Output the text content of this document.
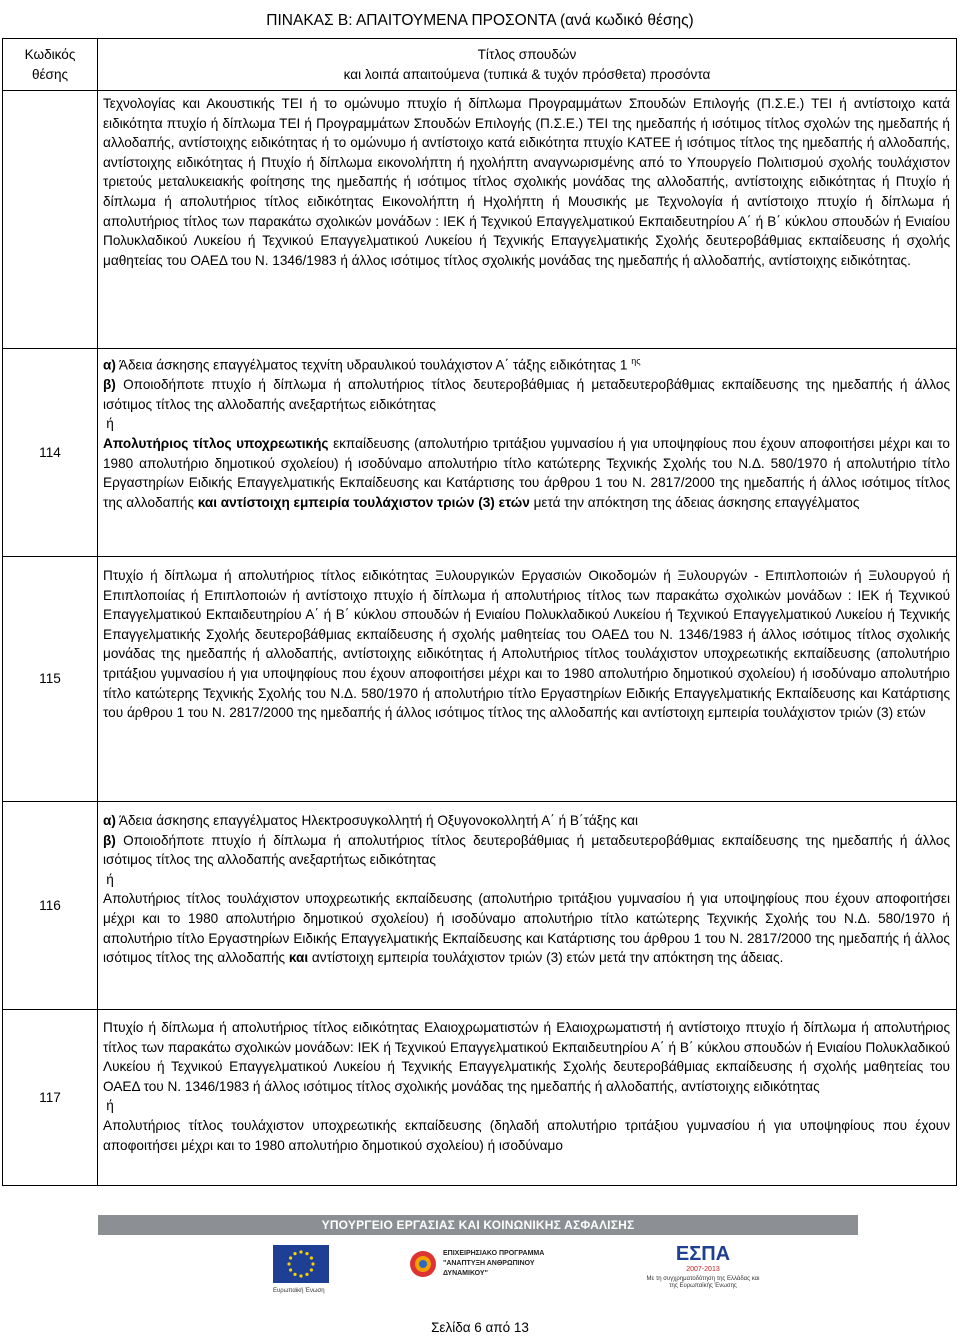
ΠΙΝΑΚΑΣ Β: ΑΠΑΙΤΟΥΜΕΝΑ ΠΡΟΣΟΝΤΑ (ανά κωδικό θέσης)
Κωδικός θέσης	Τίτλος σπουδών
και λοιπά απαιτούμενα (τυπικά & τυχόν πρόσθετα) προσόντα

	Τεχνολογίας και Ακουστικής ΤΕΙ ή το ομώνυμο πτυχίο ή δίπλωμα Προγραμμάτων Σπουδών Επιλογής (Π.Σ.Ε.) ΤΕΙ ή αντίστοιχο κατά ειδικότητα πτυχίο ή δίπλωμα ΤΕΙ ή Προγραμμάτων Σπουδών Επιλογής (Π.Σ.Ε.) ΤΕΙ της ημεδαπής ή ισότιμος τίτλος σχολών της ημεδαπής ή αλλοδαπής, αντίστοιχης ειδικότητας ή το ομώνυμο ή αντίστοιχο κατά ειδικότητα πτυχίο ΚΑΤΕΕ ή ισότιμος τίτλος της ημεδαπής ή αλλοδαπής, αντίστοιχης ειδικότητας ή Πτυχίο ή δίπλωμα εικονολήπτη ή ηχολήπτη αναγνωρισμένης από το Υπουργείο Πολιτισμού σχολής τουλάχιστον τριετούς μεταλυκειακής φοίτησης της ημεδαπής ή ισότιμος τίτλος σχολικής μονάδας της αλλοδαπής, αντίστοιχης ειδικότητας ή Πτυχίο ή δίπλωμα ή απολυτήριος τίτλος ειδικότητας Εικονολήπτη ή Ηχολήπτη ή Μουσικής με Τεχνολογία ή αντίστοιχο πτυχίο ή δίπλωμα ή απολυτήριος τίτλος των παρακάτω σχολικών μονάδων : ΙΕΚ ή Τεχνικού Επαγγελματικού Εκπαιδευτηρίου Α΄ ή Β΄ κύκλου σπουδών ή Ενιαίου Πολυκλαδικού Λυκείου ή Τεχνικού Επαγγελματικού Λυκείου ή Τεχνικής Επαγγελματικής Σχολής δευτεροβάθμιας εκπαίδευσης ή σχολής μαθητείας του ΟΑΕΔ του Ν. 1346/1983 ή άλλος ισότιμος τίτλος σχολικής μονάδας της ημεδαπής ή αλλοδαπής, αντίστοιχης ειδικότητας.

114	α) Άδεια άσκησης επαγγέλματος τεχνίτη υδραυλικού τουλάχιστον Α΄ τάξης ειδικότητας 1 $^{\eta\varsigma}$
β) Οποιοδήποτε πτυχίο ή δίπλωμα ή απολυτήριος τίτλος δευτεροβάθμιας ή μεταδευτεροβάθμιας εκπαίδευσης της ημεδαπής ή άλλος ισότιμος τίτλος της αλλοδαπής ανεξαρτήτως ειδικότητας
ή
Απολυτήριος τίτλος υποχρεωτικής εκπαίδευσης (απολυτήριο τριτάξιου γυμνασίου ή για υποψηφίους που έχουν αποφοιτήσει μέχρι και το 1980 απολυτήριο δημοτικού σχολείου) ή ισοδύναμο απολυτήριο τίτλο κατώτερης Τεχνικής Σχολής του Ν.Δ. 580/1970 ή απολυτήριο τίτλο Εργαστηρίων Ειδικής Επαγγελματικής Εκπαίδευσης και Κατάρτισης του άρθρου 1 του Ν. 2817/2000 της ημεδαπής ή άλλος ισότιμος τίτλος της αλλοδαπής και αντίστοιχη εμπειρία τουλάχιστον τριών (3) ετών μετά την απόκτηση της άδειας άσκησης επαγγέλματος

115	Πτυχίο ή δίπλωμα ή απολυτήριος τίτλος ειδικότητας Ξυλουργικών Εργασιών Οικοδομών ή Ξυλουργών - Επιπλοποιών ή Ξυλουργού ή Επιπλοποιίας ή Επιπλοποιών ή αντίστοιχο πτυχίο ή δίπλωμα ή απολυτήριος τίτλος των παρακάτω σχολικών μονάδων : ΙΕΚ ή Τεχνικού Επαγγελματικού Εκπαιδευτηρίου Α΄ ή Β΄ κύκλου σπουδών ή Ενιαίου Πολυκλαδικού Λυκείου ή Τεχνικού Επαγγελματικού Λυκείου ή Τεχνικής Επαγγελματικής Σχολής δευτεροβάθμιας εκπαίδευσης ή σχολής μαθητείας του ΟΑΕΔ του Ν. 1346/1983 ή άλλος ισότιμος τίτλος σχολικής μονάδας της ημεδαπής ή αλλοδαπής, αντίστοιχης ειδικότητας ή Απολυτήριος τίτλος τουλάχιστον υποχρεωτικής εκπαίδευσης (απολυτήριο τριτάξιου γυμνασίου ή για υποψηφίους που έχουν αποφοιτήσει μέχρι και το 1980 απολυτήριο δημοτικού σχολείου) ή ισοδύναμο απολυτήριο τίτλο κατώτερης Τεχνικής Σχολής του Ν.Δ. 580/1970 ή απολυτήριο τίτλο Εργαστηρίων Ειδικής Επαγγελματικής Εκπαίδευσης και Κατάρτισης του άρθρου 1 του Ν. 2817/2000 της ημεδαπής ή άλλος ισότιμος τίτλος της αλλοδαπής και αντίστοιχη εμπειρία τουλάχιστον τριών (3) ετών

116	α) Άδεια άσκησης επαγγέλματος Ηλεκτροσυγκολλητή ή Οξυγονοκολλητή Α΄ ή Β΄τάξης και
β) Οποιοδήποτε πτυχίο ή δίπλωμα ή απολυτήριος τίτλος δευτεροβάθμιας ή μεταδευτεροβάθμιας εκπαίδευσης της ημεδαπής ή άλλος ισότιμος τίτλος της αλλοδαπής ανεξαρτήτως ειδικότητας
ή
Απολυτήριος τίτλος τουλάχιστον υποχρεωτικής εκπαίδευσης (απολυτήριο τριτάξιου γυμνασίου ή για υποψηφίους που έχουν αποφοιτήσει μέχρι και το 1980 απολυτήριο δημοτικού σχολείου) ή ισοδύναμο απολυτήριο τίτλο κατώτερης Τεχνικής Σχολής του Ν.Δ. 580/1970 ή απολυτήριο τίτλο Εργαστηρίων Ειδικής Επαγγελματικής Εκπαίδευσης και Κατάρτισης του άρθρου 1 του Ν. 2817/2000 της ημεδαπής ή άλλος ισότιμος τίτλος της αλλοδαπής και αντίστοιχη εμπειρία τουλάχιστον τριών (3) ετών μετά την απόκτηση της άδειας.

117	Πτυχίο ή δίπλωμα ή απολυτήριος τίτλος ειδικότητας Ελαιοχρωματιστών ή Ελαιοχρωματιστή ή αντίστοιχο πτυχίο ή δίπλωμα ή απολυτήριος τίτλος των παρακάτω σχολικών μονάδων: ΙΕΚ ή Τεχνικού Επαγγελματικού Εκπαιδευτηρίου Α΄ ή Β΄ κύκλου σπουδών ή Ενιαίου Πολυκλαδικού Λυκείου ή Τεχνικού Επαγγελματικού Λυκείου ή Τεχνικής Επαγγελματικής Σχολής δευτεροβάθμιας εκπαίδευσης ή σχολής μαθητείας του ΟΑΕΔ του Ν. 1346/1983 ή άλλος ισότιμος τίτλος σχολικής μονάδας της ημεδαπής ή αλλοδαπής, αντίστοιχης ειδικότητας
ή
Απολυτήριος τίτλος τουλάχιστον υποχρεωτικής εκπαίδευσης (δηλαδή απολυτήριο τριτάξιου γυμνασίου ή για υποψηφίους που έχουν αποφοιτήσει μέχρι και το 1980 απολυτήριο δημοτικού σχολείου) ή ισοδύναμο
ΥΠΟΥΡΓΕΙΟ ΕΡΓΑΣΙΑΣ ΚΑΙ ΚΟΙΝΩΝΙΚΗΣ ΑΣΦΑΛΙΣΗΣ
Ευρωπαϊκή Ένωση
ΕΠΙΧΕΙΡΗΣΙΑΚΟ ΠΡΟΓΡΑΜΜΑ
"ΑΝΑΠΤΥΞΗ ΑΝΘΡΩΠΙΝΟΥ ΔΥΝΑΜΙΚΟΥ"
ΕΣΠΑ
2007-2013
Με τη συγχρηματοδότηση της Ελλάδας και της Ευρωπαϊκής Ένωσης
Σελίδα 6 από 13
